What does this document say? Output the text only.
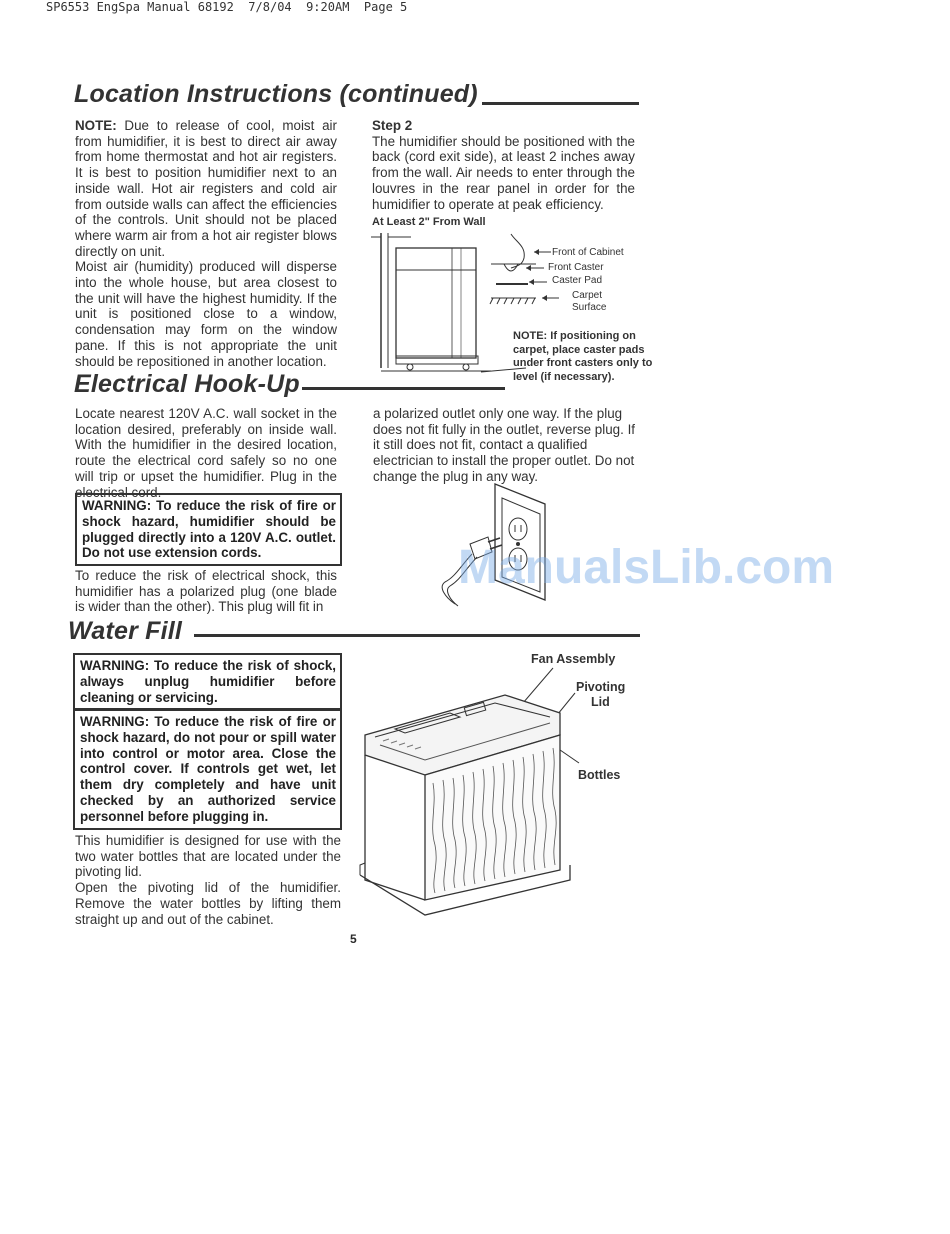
SP6553 EngSpa Manual 68192  7/8/04  9:20AM Page 5
Location Instructions (continued)

NOTE: Due to release of cool, moist air from humidifier, it is best to direct air away from home thermostat and hot air registers. It is best to position humidifier next to an inside wall. Hot air registers and cold air from outside walls can affect the efficiencies of the controls. Unit should not be placed where warm air from a hot air register blows directly on unit.

Moist air (humidity) produced will disperse into the whole house, but area closest to the unit will have the highest humidity. If the unit is positioned close to a window, condensation may form on the window pane. If this is not appropriate the unit should be repositioned in another location.

Step 2

The humidifier should be positioned with the back (cord exit side), at least 2 inches away from the wall. Air needs to enter through the louvres in the rear panel in order for the humidifier to operate at peak efficiency.

At Least 2" From Wall
Front of Cabinet
Front Caster
Caster Pad
Carpet
Surface
NOTE: If positioning on carpet, place caster pads under front casters only to level (if necessary).
Electrical Hook-Up
Locate nearest 120V A.C. wall socket in the location desired, preferably on inside wall. With the humidifier in the desired location, route the electrical cord safely so no one will trip or upset the humidifier. Plug in the electrical cord.
WARNING: To reduce the risk of fire or shock hazard, humidifier should be plugged directly into a 120V A.C. outlet. Do not use extension cords.
To reduce the risk of electrical shock, this humidifier has a polarized plug (one blade is wider than the other). This plug will fit in
a polarized outlet only one way. If the plug does not fit fully in the outlet, reverse plug. If it still does not fit, contact a qualified electrician to install the proper outlet. Do not change the plug in any way.
Water Fill
WARNING: To reduce the risk of shock, always unplug humidifier before cleaning or servicing.
WARNING: To reduce the risk of fire or shock hazard, do not pour or spill water into control or motor area. Close the control cover. If controls get wet, let them dry completely and have unit checked by an authorized service personnel before plugging in.

This humidifier is designed for use with the two water bottles that are located under the pivoting lid.

Open the pivoting lid of the humidifier. Remove the water bottles by lifting them straight up and out of the cabinet.

Fan Assembly
Pivoting
Lid
Bottles
5
ManualsLib.com
